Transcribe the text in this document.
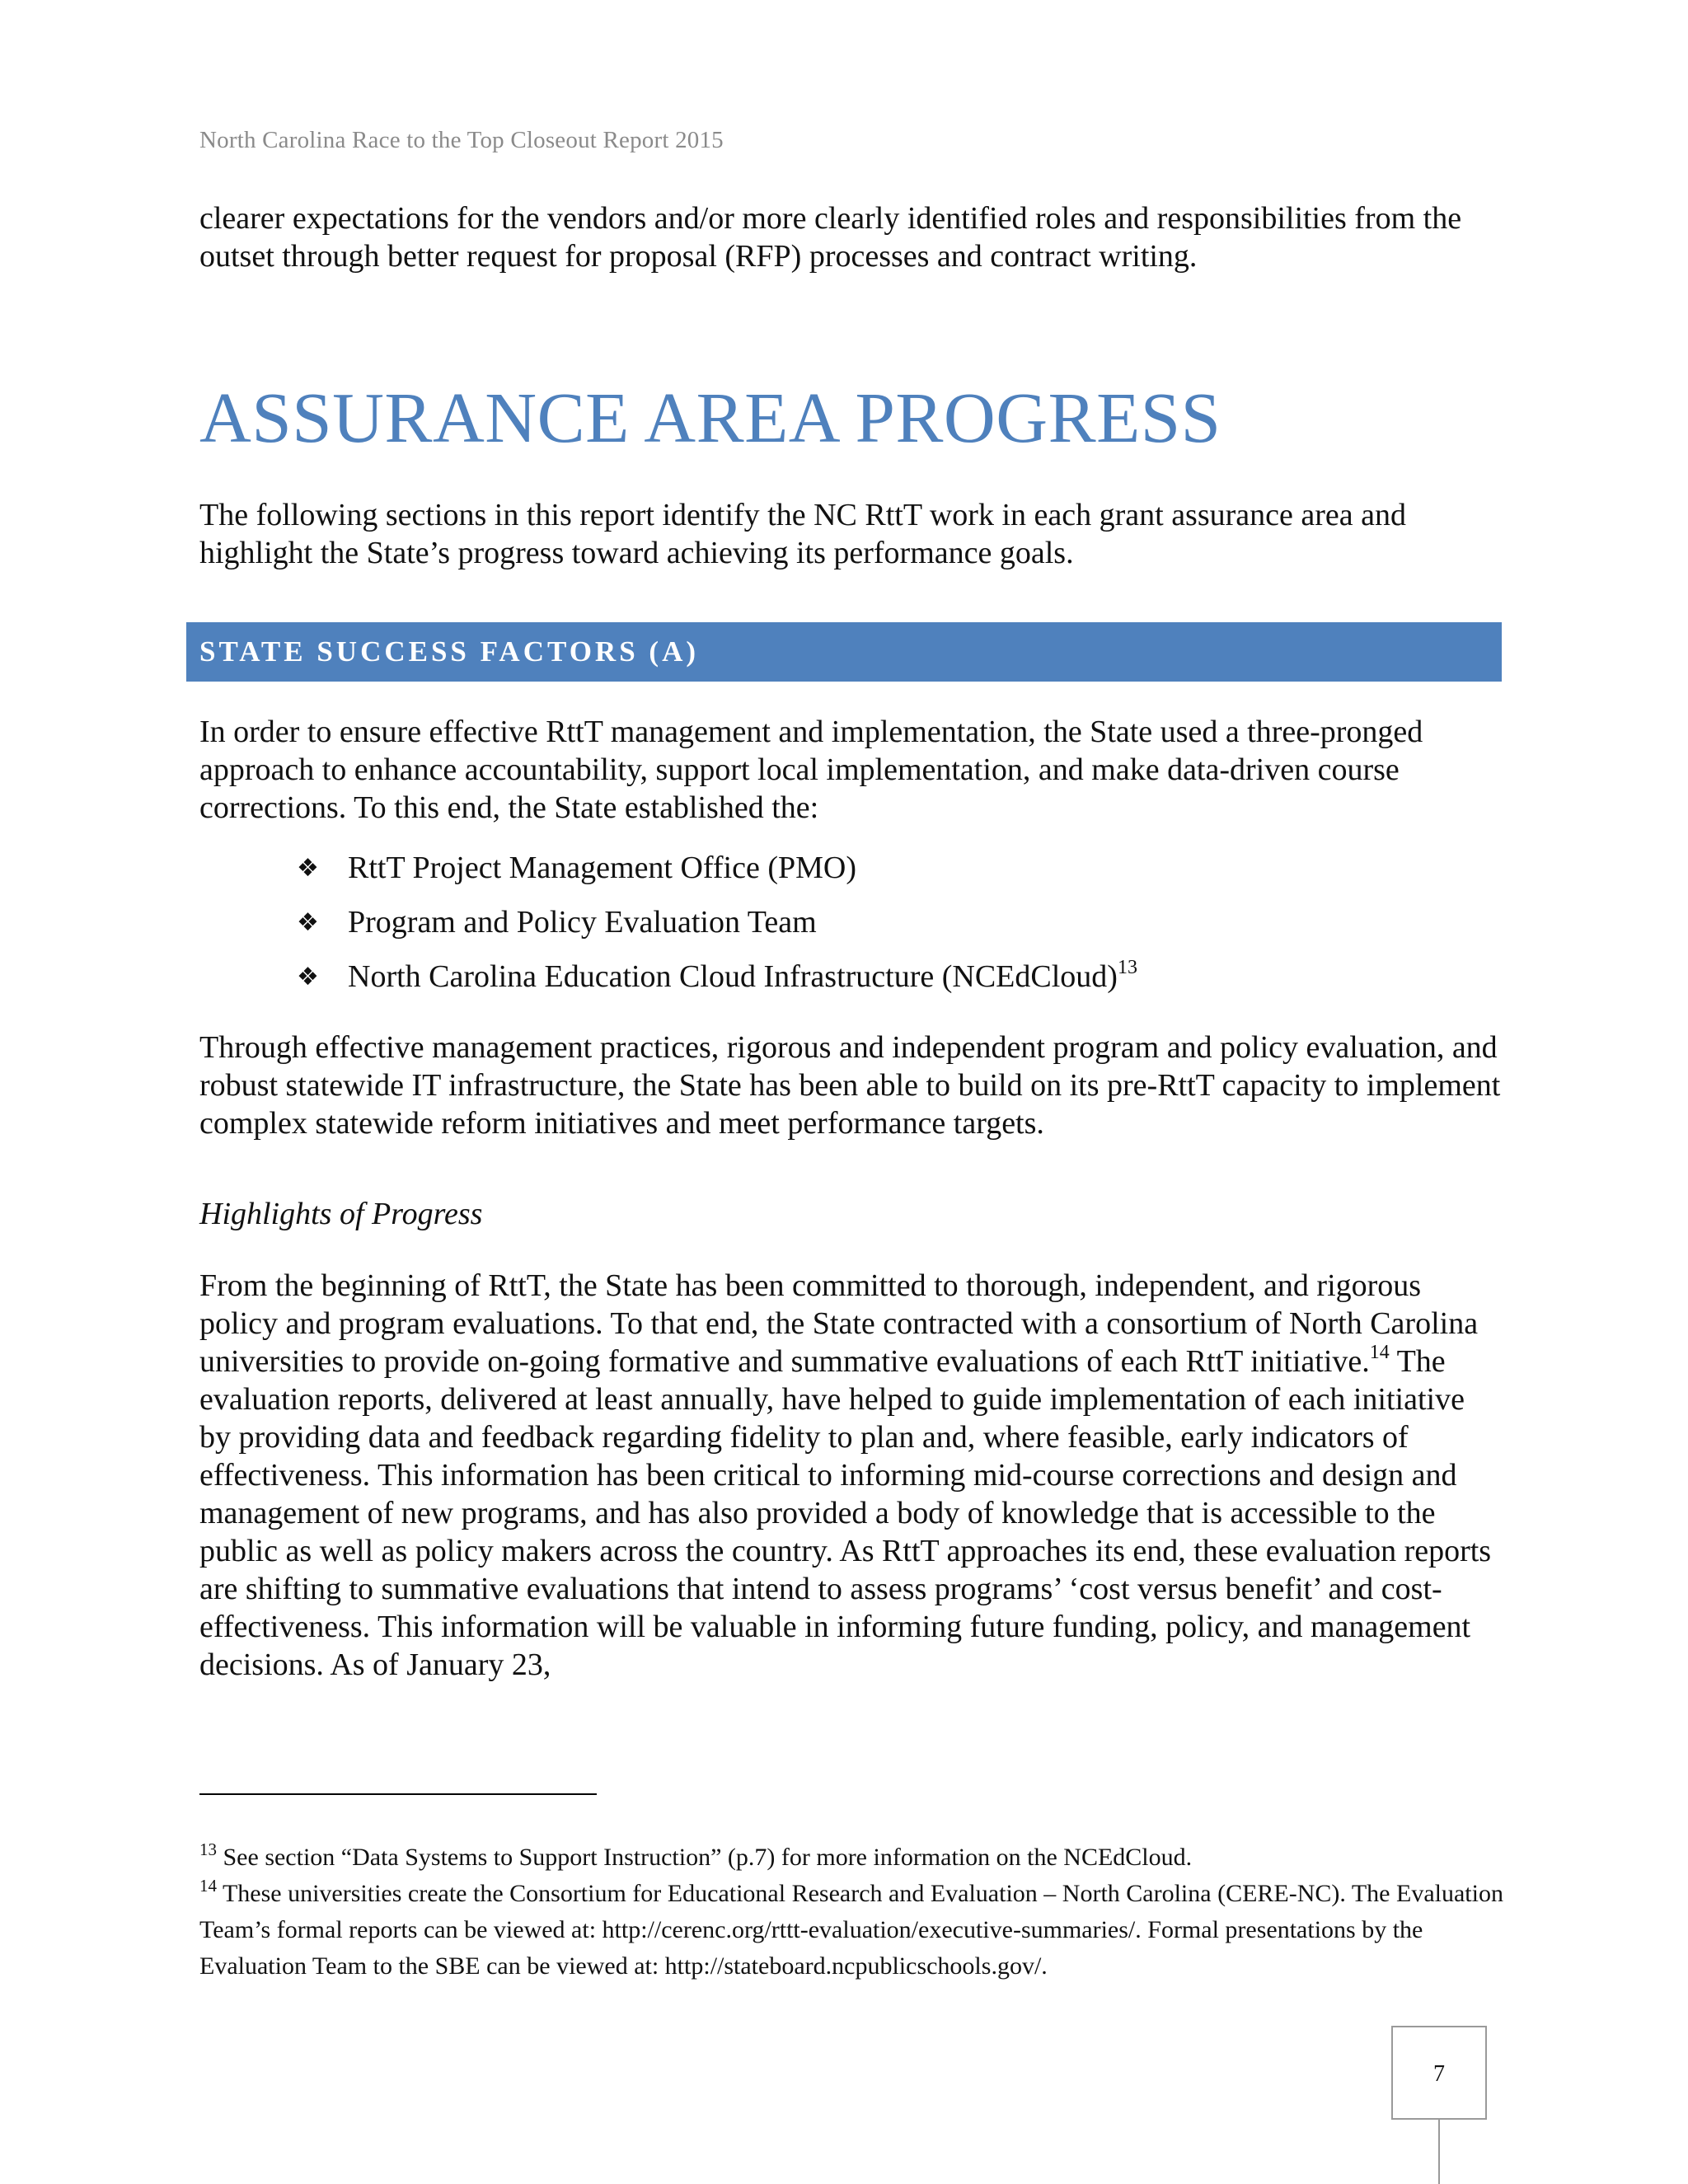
North Carolina Race to the Top Closeout Report 2015
clearer expectations for the vendors and/or more clearly identified roles and responsibilities from the outset through better request for proposal (RFP) processes and contract writing.
ASSURANCE AREA PROGRESS
The following sections in this report identify the NC RttT work in each grant assurance area and highlight the State’s progress toward achieving its performance goals.
STATE SUCCESS FACTORS (A)
In order to ensure effective RttT management and implementation, the State used a three-pronged approach to enhance accountability, support local implementation, and make data-driven course corrections. To this end, the State established the:
❖ RttT Project Management Office (PMO)
❖ Program and Policy Evaluation Team
❖ North Carolina Education Cloud Infrastructure (NCEdCloud)$^{13}$
Through effective management practices, rigorous and independent program and policy evaluation, and robust statewide IT infrastructure, the State has been able to build on its pre-RttT capacity to implement complex statewide reform initiatives and meet performance targets.
Highlights of Progress
From the beginning of RttT, the State has been committed to thorough, independent, and rigorous policy and program evaluations. To that end, the State contracted with a consortium of North Carolina universities to provide on-going formative and summative evaluations of each RttT initiative.$^{14}$ The evaluation reports, delivered at least annually, have helped to guide implementation of each initiative by providing data and feedback regarding fidelity to plan and, where feasible, early indicators of effectiveness. This information has been critical to informing mid-course corrections and design and management of new programs, and has also provided a body of knowledge that is accessible to the public as well as policy makers across the country. As RttT approaches its end, these evaluation reports are shifting to summative evaluations that intend to assess programs’ ‘cost versus benefit’ and cost-effectiveness. This information will be valuable in informing future funding, policy, and management decisions. As of January 23,
$^{13}$ See section “Data Systems to Support Instruction” (p.7) for more information on the NCEdCloud.
$^{14}$ These universities create the Consortium for Educational Research and Evaluation – North Carolina (CERE-NC). The Evaluation Team’s formal reports can be viewed at: http://cerenc.org/rttt-evaluation/executive-summaries/. Formal presentations by the Evaluation Team to the SBE can be viewed at: http://stateboard.ncpublicschools.gov/.
7
